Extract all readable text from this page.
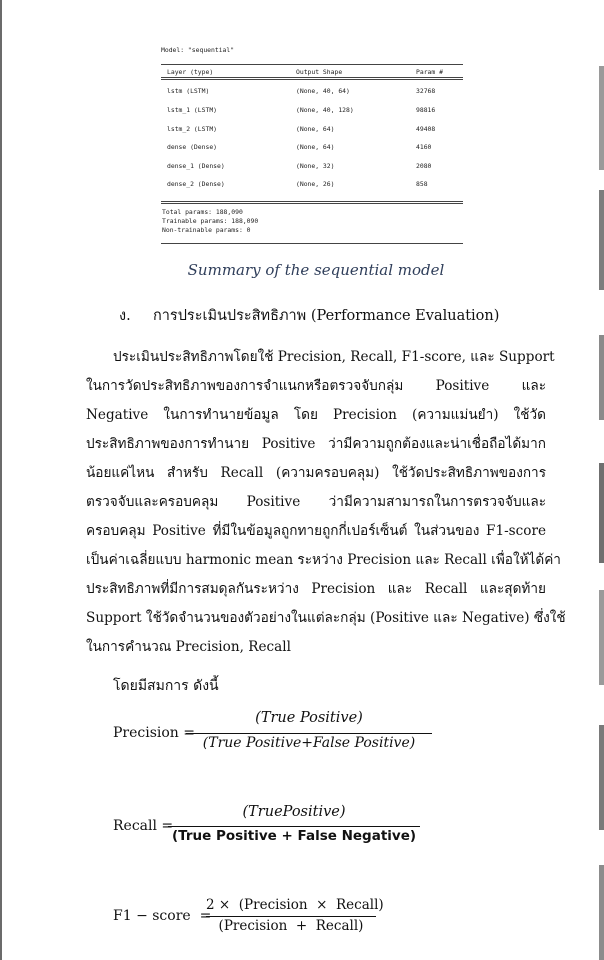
Model: "sequential"
Layer (type)	Output Shape	Param #
lstm (LSTM)	(None, 40, 64)	32768
lstm_1 (LSTM)	(None, 40, 128)	98816
lstm_2 (LSTM)	(None, 64)	49408
dense (Dense)	(None, 64)	4160
dense_1 (Dense)	(None, 32)	2080
dense_2 (Dense)	(None, 26)	858
Total params: 188,090
Trainable params: 188,090
Non-trainable params: 0
Summary of the sequential model
ง. การประเมินประสิทธิภาพ (Performance Evaluation)
ประเมินประสิทธิภาพโดยใช้ Precision, Recall, F1-score, และ Support
ในการวัดประสิทธิภาพของการจำแนกหรือตรวจจับกลุ่ม Positive และ
Negative ในการทำนายข้อมูล โดย Precision (ความแม่นยำ) ใช้วัด
ประสิทธิภาพของการทำนาย Positive ว่ามีความถูกต้องและน่าเชื่อถือได้มาก
น้อยแค่ไหน สำหรับ Recall (ความครอบคลุม) ใช้วัดประสิทธิภาพของการ
ตรวจจับและครอบคลุม Positive ว่ามีความสามารถในการตรวจจับและ
ครอบคลุม Positive ที่มีในข้อมูลถูกทายถูกกี่เปอร์เซ็นต์ ในส่วนของ F1-score
เป็นค่าเฉลี่ยแบบ harmonic mean ระหว่าง Precision และ Recall เพื่อให้ได้ค่า
ประสิทธิภาพที่มีการสมดุลกันระหว่าง Precision และ Recall และสุดท้าย
Support ใช้วัดจำนวนของตัวอย่างในแต่ละกลุ่ม (Positive และ Negative) ซึ่งใช้
ในการคำนวณ Precision, Recall
โดยมีสมการ ดังนี้
Precision =
(True Positive)
(True Positive+False Positive)
Recall =
(TruePositive)
(True Positive + False Negative)
F1 − score  =
2 ×  (Precision  ×  Recall)
(Precision  +  Recall)
